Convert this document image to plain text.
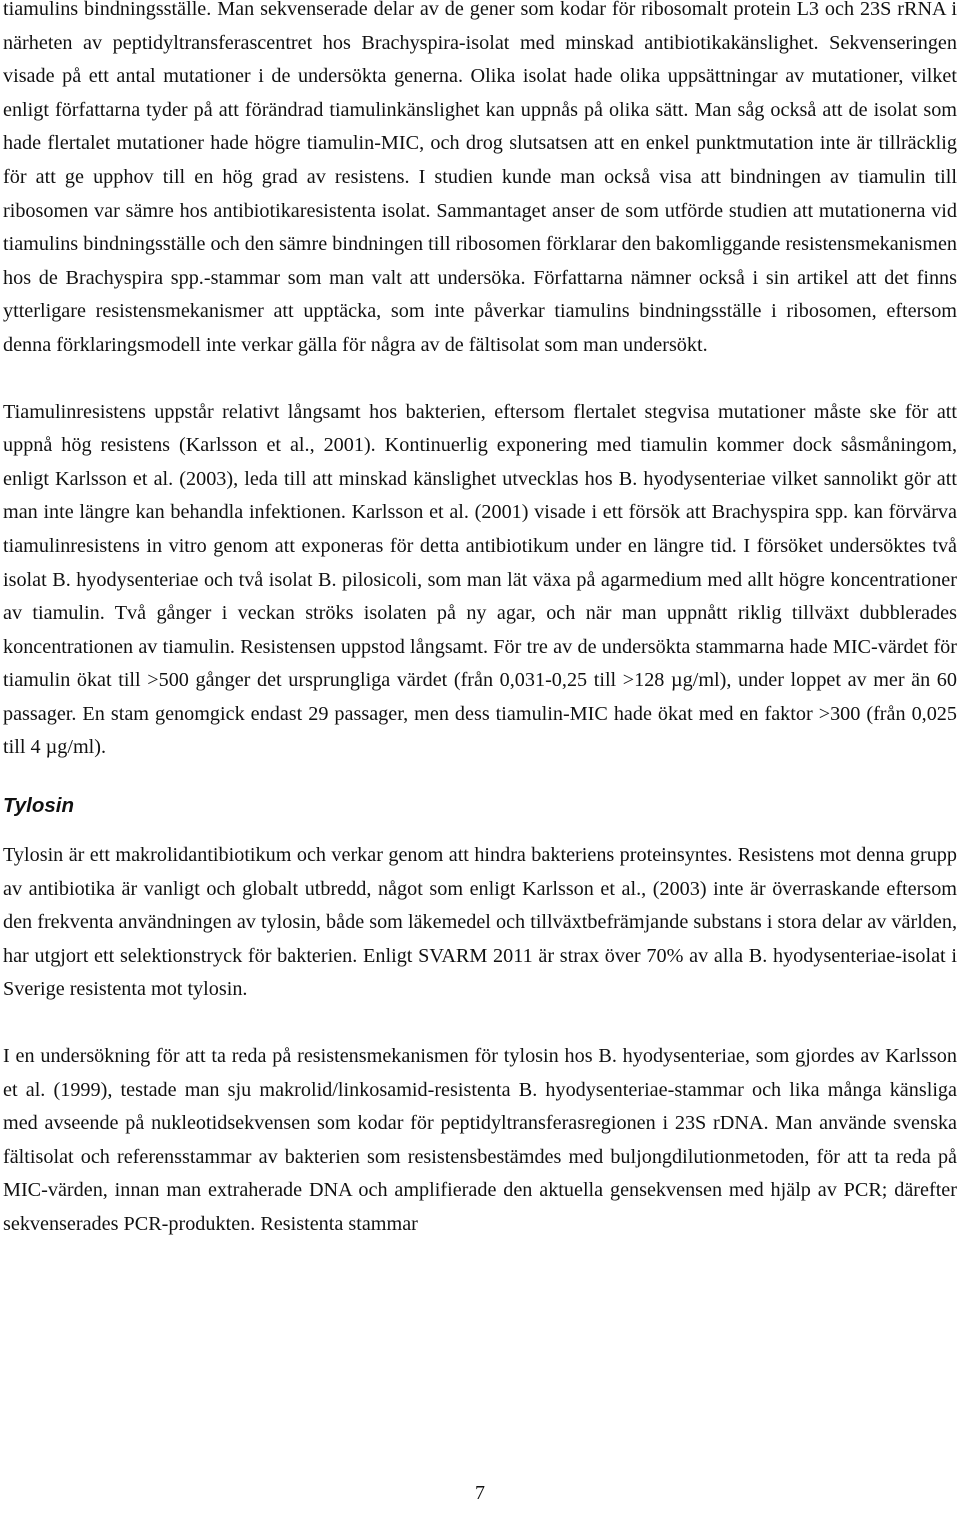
tiamulins bindningsställe. Man sekvenserade delar av de gener som kodar för ribosomalt protein L3 och 23S rRNA i närheten av peptidyltransferascentret hos Brachyspira-isolat med minskad antibiotikakänslighet. Sekvenseringen visade på ett antal mutationer i de undersökta generna. Olika isolat hade olika uppsättningar av mutationer, vilket enligt författarna tyder på att förändrad tiamulinkänslighet kan uppnås på olika sätt. Man såg också att de isolat som hade flertalet mutationer hade högre tiamulin-MIC, och drog slutsatsen att en enkel punktmutation inte är tillräcklig för att ge upphov till en hög grad av resistens. I studien kunde man också visa att bindningen av tiamulin till ribosomen var sämre hos antibiotikaresistenta isolat. Sammantaget anser de som utförde studien att mutationerna vid tiamulins bindningsställe och den sämre bindningen till ribosomen förklarar den bakomliggande resistensmekanismen hos de Brachyspira spp.-stammar som man valt att undersöka. Författarna nämner också i sin artikel att det finns ytterligare resistensmekanismer att upptäcka, som inte påverkar tiamulins bindningsställe i ribosomen, eftersom denna förklaringsmodell inte verkar gälla för några av de fältisolat som man undersökt.

Tiamulinresistens uppstår relativt långsamt hos bakterien, eftersom flertalet stegvisa mutationer måste ske för att uppnå hög resistens (Karlsson et al., 2001). Kontinuerlig exponering med tiamulin kommer dock såsmåningom, enligt Karlsson et al. (2003), leda till att minskad känslighet utvecklas hos B. hyodysenteriae vilket sannolikt gör att man inte längre kan behandla infektionen. Karlsson et al. (2001) visade i ett försök att Brachyspira spp. kan förvärva tiamulinresistens in vitro genom att exponeras för detta antibiotikum under en längre tid. I försöket undersöktes två isolat B. hyodysenteriae och två isolat B. pilosicoli, som man lät växa på agarmedium med allt högre koncentrationer av tiamulin. Två gånger i veckan ströks isolaten på ny agar, och när man uppnått riklig tillväxt dubblerades koncentrationen av tiamulin. Resistensen uppstod långsamt. För tre av de undersökta stammarna hade MIC-värdet för tiamulin ökat till >500 gånger det ursprungliga värdet (från 0,031-0,25 till >128 µg/ml), under loppet av mer än 60 passager. En stam genomgick endast 29 passager, men dess tiamulin-MIC hade ökat med en faktor >300 (från 0,025 till 4 µg/ml).

Tylosin

Tylosin är ett makrolidantibiotikum och verkar genom att hindra bakteriens proteinsyntes. Resistens mot denna grupp av antibiotika är vanligt och globalt utbredd, något som enligt Karlsson et al., (2003) inte är överraskande eftersom den frekventa användningen av tylosin, både som läkemedel och tillväxtbefrämjande substans i stora delar av världen, har utgjort ett selektionstryck för bakterien. Enligt SVARM 2011 är strax över 70% av alla B. hyodysenteriae-isolat i Sverige resistenta mot tylosin.

I en undersökning för att ta reda på resistensmekanismen för tylosin hos B. hyodysenteriae, som gjordes av Karlsson et al. (1999), testade man sju makrolid/linkosamid-resistenta B. hyodysenteriae-stammar och lika många känsliga med avseende på nukleotidsekvensen som kodar för peptidyltransferasregionen i 23S rDNA. Man använde svenska fältisolat och referensstammar av bakterien som resistensbestämdes med buljongdilutionmetoden, för att ta reda på MIC-värden, innan man extraherade DNA och amplifierade den aktuella gensekvensen med hjälp av PCR; därefter sekvenserades PCR-produkten. Resistenta stammar

7
